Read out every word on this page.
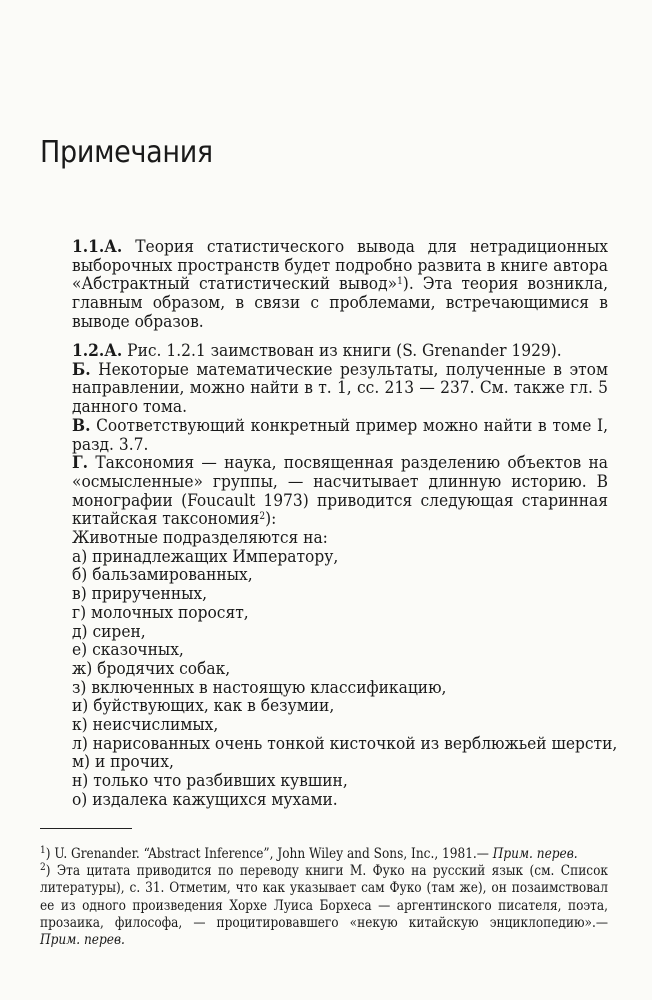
Примечания

1.1.А. Теория статистического вывода для нетрадиционных выборочных пространств будет подробно развита в книге автора «Абстрактный статистический вывод»$^1$). Эта теория возникла, главным образом, в связи с проблемами, встречающимися в выводе образов.

1.2.А. Рис. 1.2.1 заимствован из книги (S. Grenander 1929).

Б. Некоторые математические результаты, полученные в этом направлении, можно найти в т. 1, сс. 213 — 237. См. также гл. 5 данного тома.

В. Соответствующий конкретный пример можно найти в томе I, разд. 3.7.

Г. Таксономия — наука, посвященная разделению объектов на «осмысленные» группы, — насчитывает длинную историю. В монографии (Foucault 1973) приводится следующая старинная китайская таксономия$^2$):

Животные подразделяются на:

а) принадлежащих Императору,

б) бальзамированных,

в) прирученных,

г) молочных поросят,

д) сирен,

е) сказочных,

ж) бродячих собак,

з) включенных в настоящую классификацию,

и) буйствующих, как в безумии,

к) неисчислимых,

л) нарисованных очень тонкой кисточкой из верблюжьей шерсти,

м) и прочих,

н) только что разбивших кувшин,

о) издалека кажущихся мухами.

$^1$) U. Grenander. “Abstract Inference”, John Wiley and Sons, Inc., 1981.— Прим. перев.

$^2$) Эта цитата приводится по переводу книги М. Фуко на русский язык (см. Список литературы), с. 31. Отметим, что как указывает сам Фуко (там же), он позаимствовал ее из одного произведения Хорхе Луиса Борхеса — аргентинского писателя, поэта, прозаика, философа, — процитировавшего «некую китайскую энциклопедию».— Прим. перев.
